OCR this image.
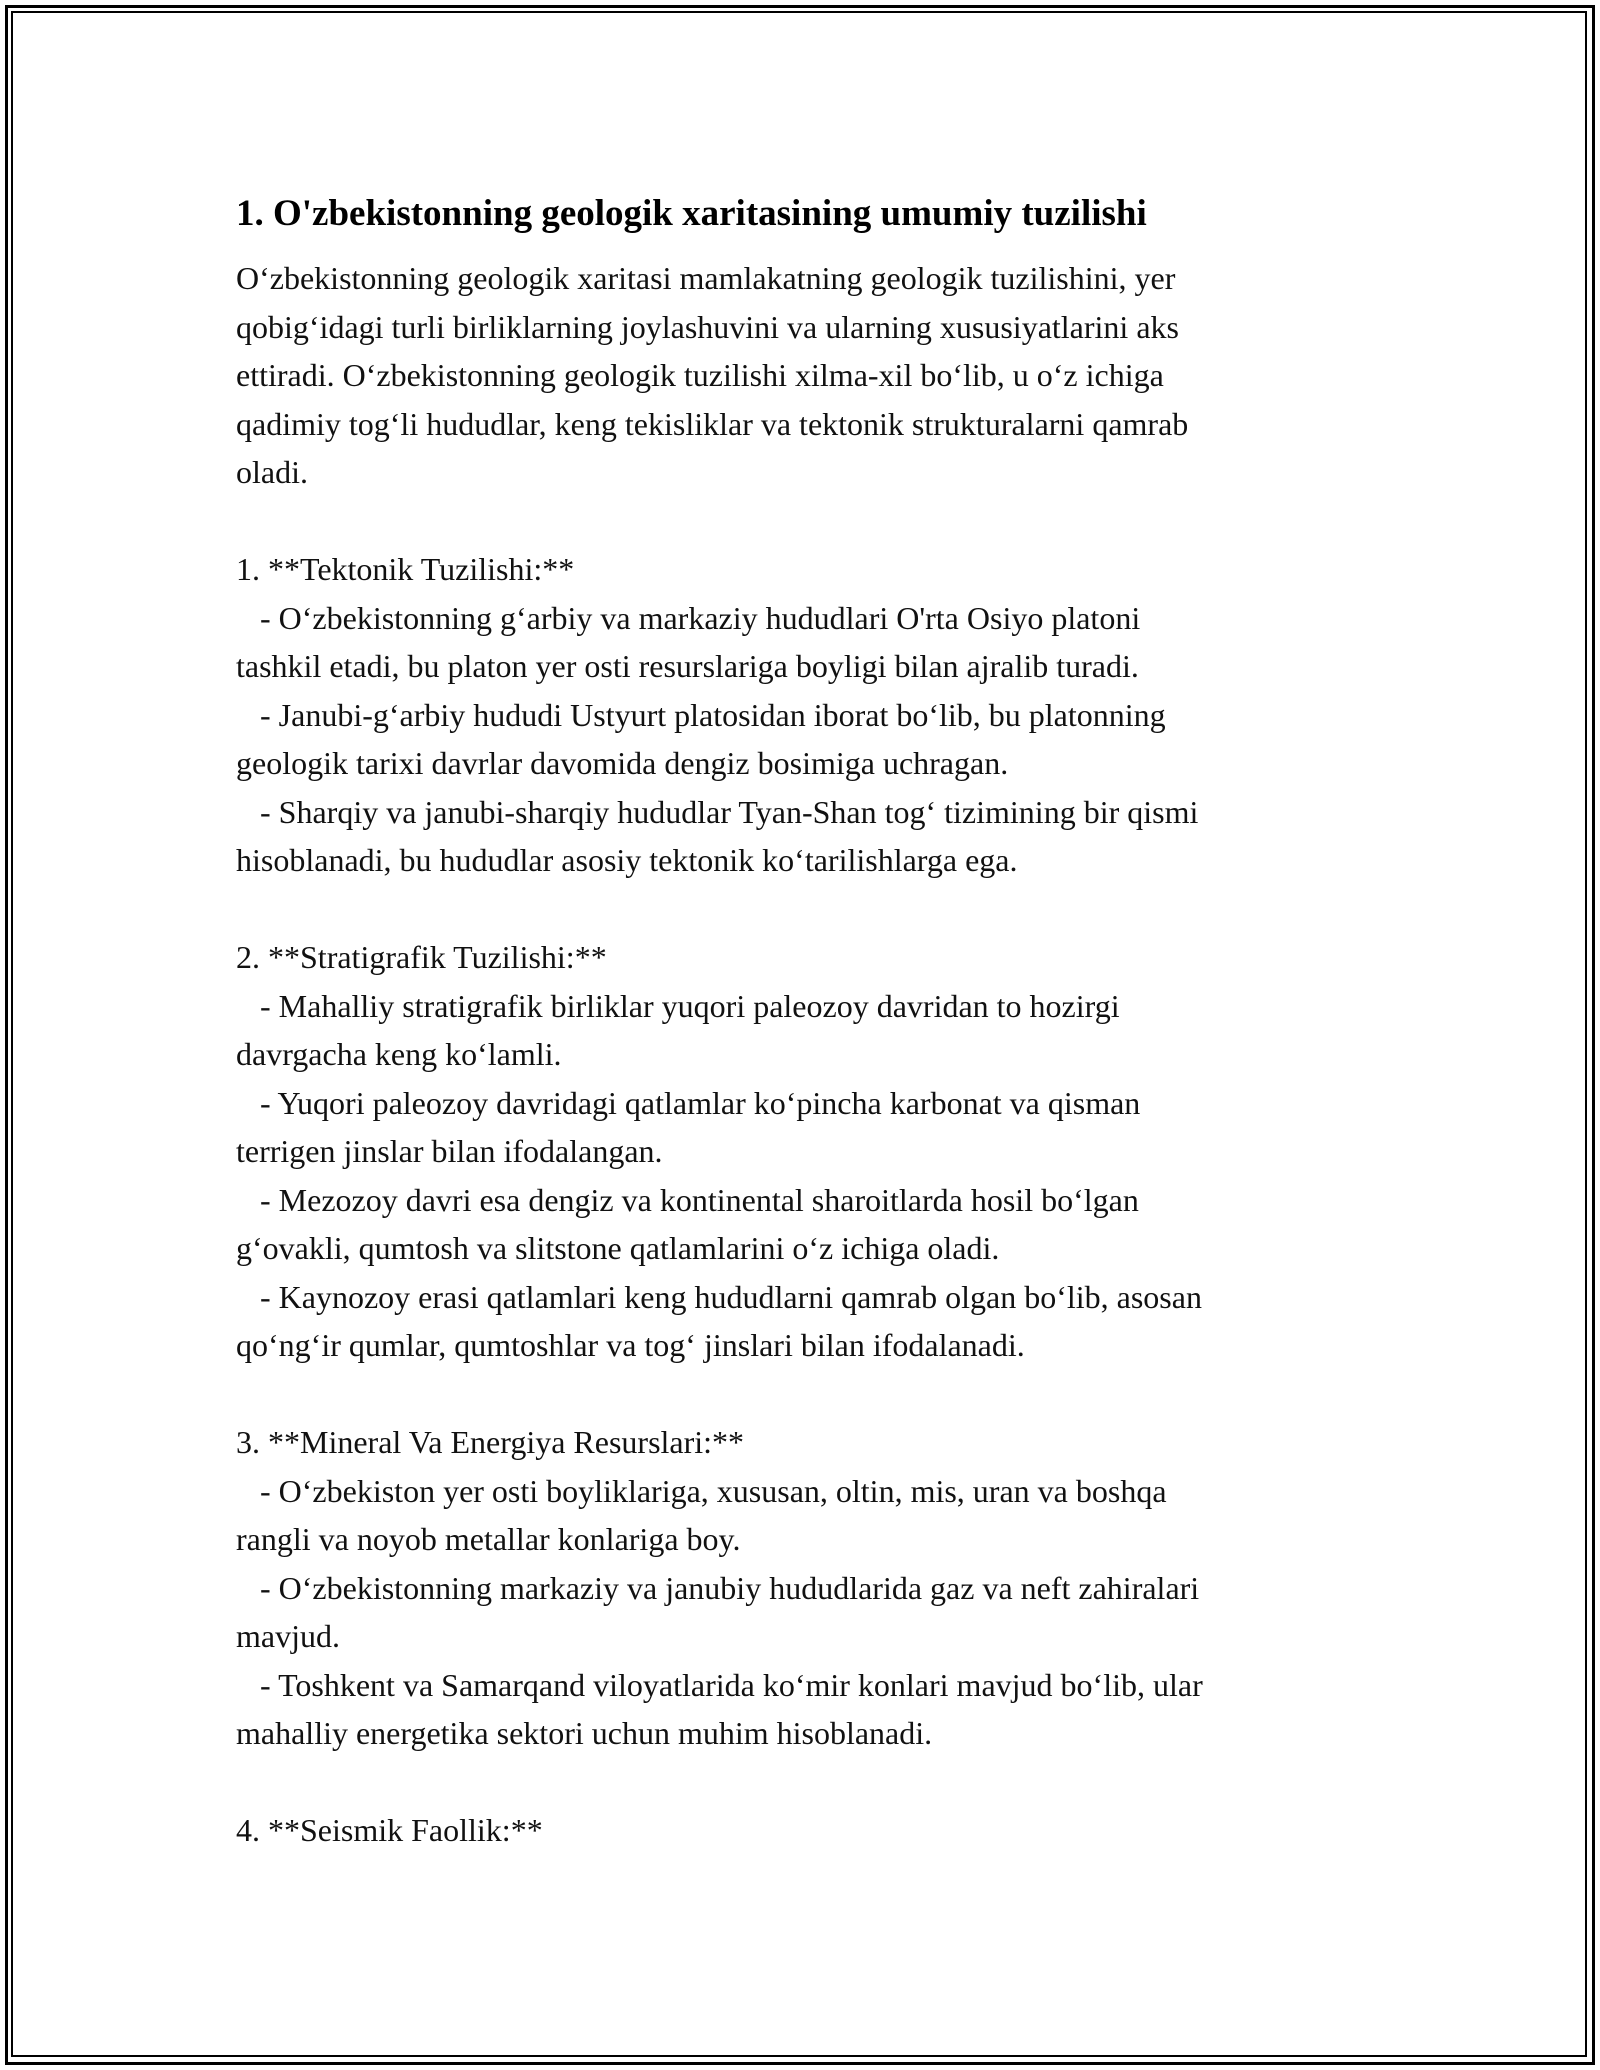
1. O'zbekistonning geologik xaritasining umumiy tuzilishi
O‘zbekistonning geologik xaritasi mamlakatning geologik tuzilishini, yer
qobig‘idagi turli birliklarning joylashuvini va ularning xususiyatlarini aks
ettiradi. O‘zbekistonning geologik tuzilishi xilma-xil bo‘lib, u o‘z ichiga
qadimiy tog‘li hududlar, keng tekisliklar va tektonik strukturalarni qamrab
oladi.
1. **Tektonik Tuzilishi:**
- O‘zbekistonning g‘arbiy va markaziy hududlari O'rta Osiyo platoni
tashkil etadi, bu platon yer osti resurslariga boyligi bilan ajralib turadi.
- Janubi-g‘arbiy hududi Ustyurt platosidan iborat bo‘lib, bu platonning
geologik tarixi davrlar davomida dengiz bosimiga uchragan.
- Sharqiy va janubi-sharqiy hududlar Tyan-Shan tog‘ tizimining bir qismi
hisoblanadi, bu hududlar asosiy tektonik ko‘tarilishlarga ega.
2. **Stratigrafik Tuzilishi:**
- Mahalliy stratigrafik birliklar yuqori paleozoy davridan to hozirgi
davrgacha keng ko‘lamli.
- Yuqori paleozoy davridagi qatlamlar ko‘pincha karbonat va qisman
terrigen jinslar bilan ifodalangan.
- Mezozoy davri esa dengiz va kontinental sharoitlarda hosil bo‘lgan
g‘ovakli, qumtosh va slitstone qatlamlarini o‘z ichiga oladi.
- Kaynozoy erasi qatlamlari keng hududlarni qamrab olgan bo‘lib, asosan
qo‘ng‘ir qumlar, qumtoshlar va tog‘ jinslari bilan ifodalanadi.
3. **Mineral Va Energiya Resurslari:**
- O‘zbekiston yer osti boyliklariga, xususan, oltin, mis, uran va boshqa
rangli va noyob metallar konlariga boy.
- O‘zbekistonning markaziy va janubiy hududlarida gaz va neft zahiralari
mavjud.
- Toshkent va Samarqand viloyatlarida ko‘mir konlari mavjud bo‘lib, ular
mahalliy energetika sektori uchun muhim hisoblanadi.
4. **Seismik Faollik:**
